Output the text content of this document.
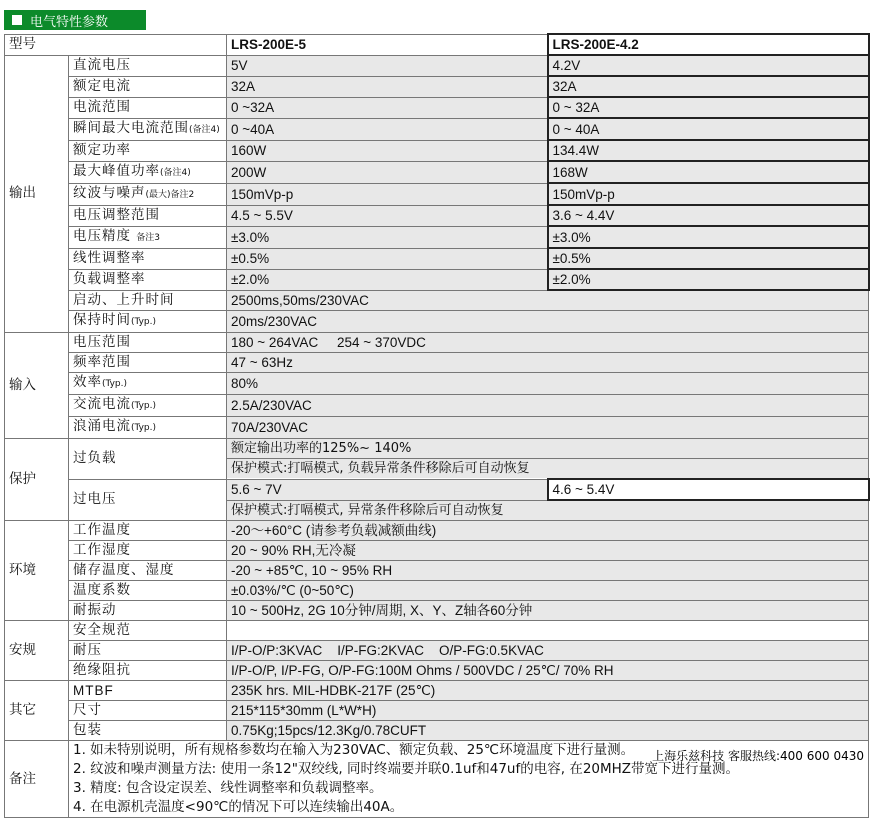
电气特性参数
型号		LRS-200E-5	LRS-200E-4.2
输出	直流电压	5V	4.2V
	额定电流	32A	32A
	电流范围	0 ~32A	0 ~ 32A
	瞬间最大电流范围(备注4)	0 ~40A	0 ~ 40A
	额定功率	160W	134.4W
	最大峰值功率(备注4)	200W	168W
	纹波与噪声(最大)备注2	150mVp-p	150mVp-p
	电压调整范围	4.5 ~ 5.5V	3.6 ~ 4.4V
	电压精度 备注3	±3.0%	±3.0%
	线性调整率	±0.5%	±0.5%
	负载调整率	±2.0%	±2.0%
	启动、上升时间	2500ms,50ms/230VAC	
	保持时间(Typ.)	20ms/230VAC	
输入	电压范围	180 ~ 264VAC     254 ~ 370VDC	
	频率范围	47 ~ 63Hz	
	效率(Typ.)	80%	
	交流电流(Typ.)	2.5A/230VAC	
	浪涌电流(Typ.)	70A/230VAC	
保护	过负载	额定输出功率的125%~ 140%	
		保护模式:打嗝模式, 负载异常条件移除后可自动恢复	
	过电压	5.6 ~ 7V	4.6 ~ 5.4V
		保护模式:打嗝模式, 异常条件移除后可自动恢复	
环境	工作温度	-20～+60°C (请参考负载减额曲线)	
	工作湿度	20 ~ 90% RH,无冷凝	
	储存温度、湿度	-20 ~ +85℃, 10 ~ 95% RH	
	温度系数	±0.03%/℃ (0~50℃)	
	耐振动	10 ~ 500Hz, 2G 10分钟/周期, X、Y、Z轴各60分钟	
安规	安全规范		
	耐压	I/P-O/P:3KVAC    I/P-FG:2KVAC    O/P-FG:0.5KVAC	
	绝缘阻抗	I/P-O/P, I/P-FG, O/P-FG:100M Ohms / 500VDC / 25℃/ 70% RH	
其它	MTBF	235K hrs. MIL-HDBK-217F (25℃)	
	尺寸	215*115*30mm (L*W*H)	
	包装	0.75Kg;15pcs/12.3Kg/0.78CUFT	
备注	1. 如未特别说明，所有规格参数均在输入为230VAC、额定负载、25℃环境温度下进行量测。
2. 纹波和噪声测量方法: 使用一条12"双绞线, 同时终端要并联0.1uf和47uf的电容, 在20MHZ带宽下进行量测。
3. 精度: 包含设定误差、线性调整率和负载调整率。
4. 在电源机壳温度<90℃的情况下可以连续输出40A。
上海乐兹科技 客服热线:400 600 0430		
